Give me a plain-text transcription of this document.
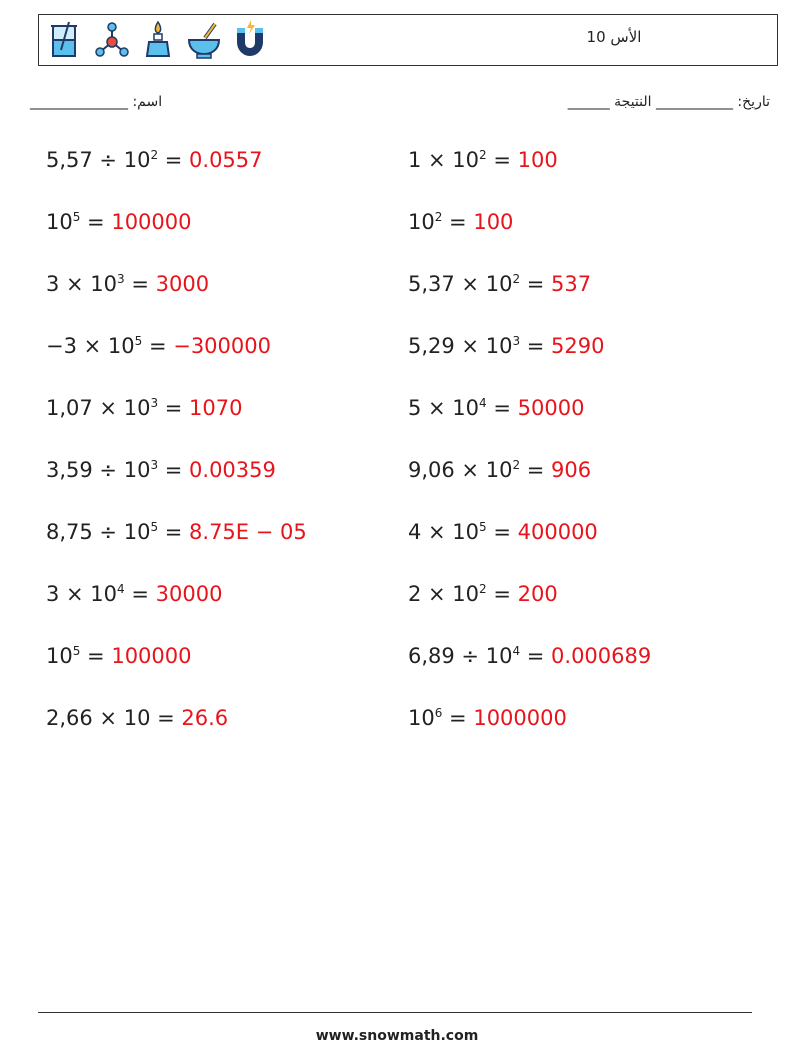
الأس 10
اسم: ______________	تاريخ: ___________ النتيجة ______
$5,57 \div 10^2 = 0.0557$	$1 \times 10^2 = 100$
$10^5 = 100000$	$10^2 = 100$
$3 \times 10^3 = 3000$	$5,37 \times 10^2 = 537$
$-3 \times 10^5 = -300000$	$5,29 \times 10^3 = 5290$
$1,07 \times 10^3 = 1070$	$5 \times 10^4 = 50000$
$3,59 \div 10^3 = 0.00359$	$9,06 \times 10^2 = 906$
$8,75 \div 10^5 = 8.75E - 05$	$4 \times 10^5 = 400000$
$3 \times 10^4 = 30000$	$2 \times 10^2 = 200$
$10^5 = 100000$	$6,89 \div 10^4 = 0.000689$
2,66 × 10 = 26.6	$10^6 = 1000000$
www.snowmath.com
